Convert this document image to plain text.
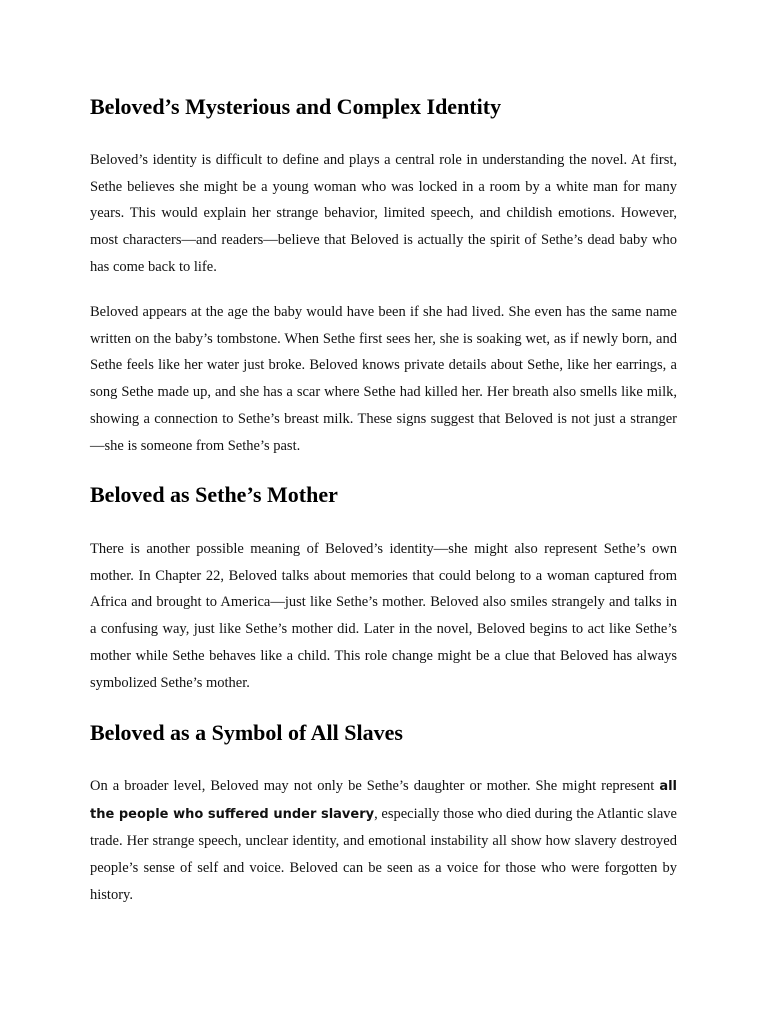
Beloved’s Mysterious and Complex Identity

Beloved’s identity is difficult to define and plays a central role in understanding the novel. At first, Sethe believes she might be a young woman who was locked in a room by a white man for many years. This would explain her strange behavior, limited speech, and childish emotions. However, most characters—and readers—believe that Beloved is actually the spirit of Sethe’s dead baby who has come back to life.

Beloved appears at the age the baby would have been if she had lived. She even has the same name written on the baby’s tombstone. When Sethe first sees her, she is soaking wet, as if newly born, and Sethe feels like her water just broke. Beloved knows private details about Sethe, like her earrings, a song Sethe made up, and she has a scar where Sethe had killed her. Her breath also smells like milk, showing a connection to Sethe’s breast milk. These signs suggest that Beloved is not just a stranger—she is someone from Sethe’s past.

Beloved as Sethe’s Mother

There is another possible meaning of Beloved’s identity—she might also represent Sethe’s own mother. In Chapter 22, Beloved talks about memories that could belong to a woman captured from Africa and brought to America—just like Sethe’s mother. Beloved also smiles strangely and talks in a confusing way, just like Sethe’s mother did. Later in the novel, Beloved begins to act like Sethe’s mother while Sethe behaves like a child. This role change might be a clue that Beloved has always symbolized Sethe’s mother.

Beloved as a Symbol of All Slaves

On a broader level, Beloved may not only be Sethe’s daughter or mother. She might represent all the people who suffered under slavery, especially those who died during the Atlantic slave trade. Her strange speech, unclear identity, and emotional instability all show how slavery destroyed people’s sense of self and voice. Beloved can be seen as a voice for those who were forgotten by history.
